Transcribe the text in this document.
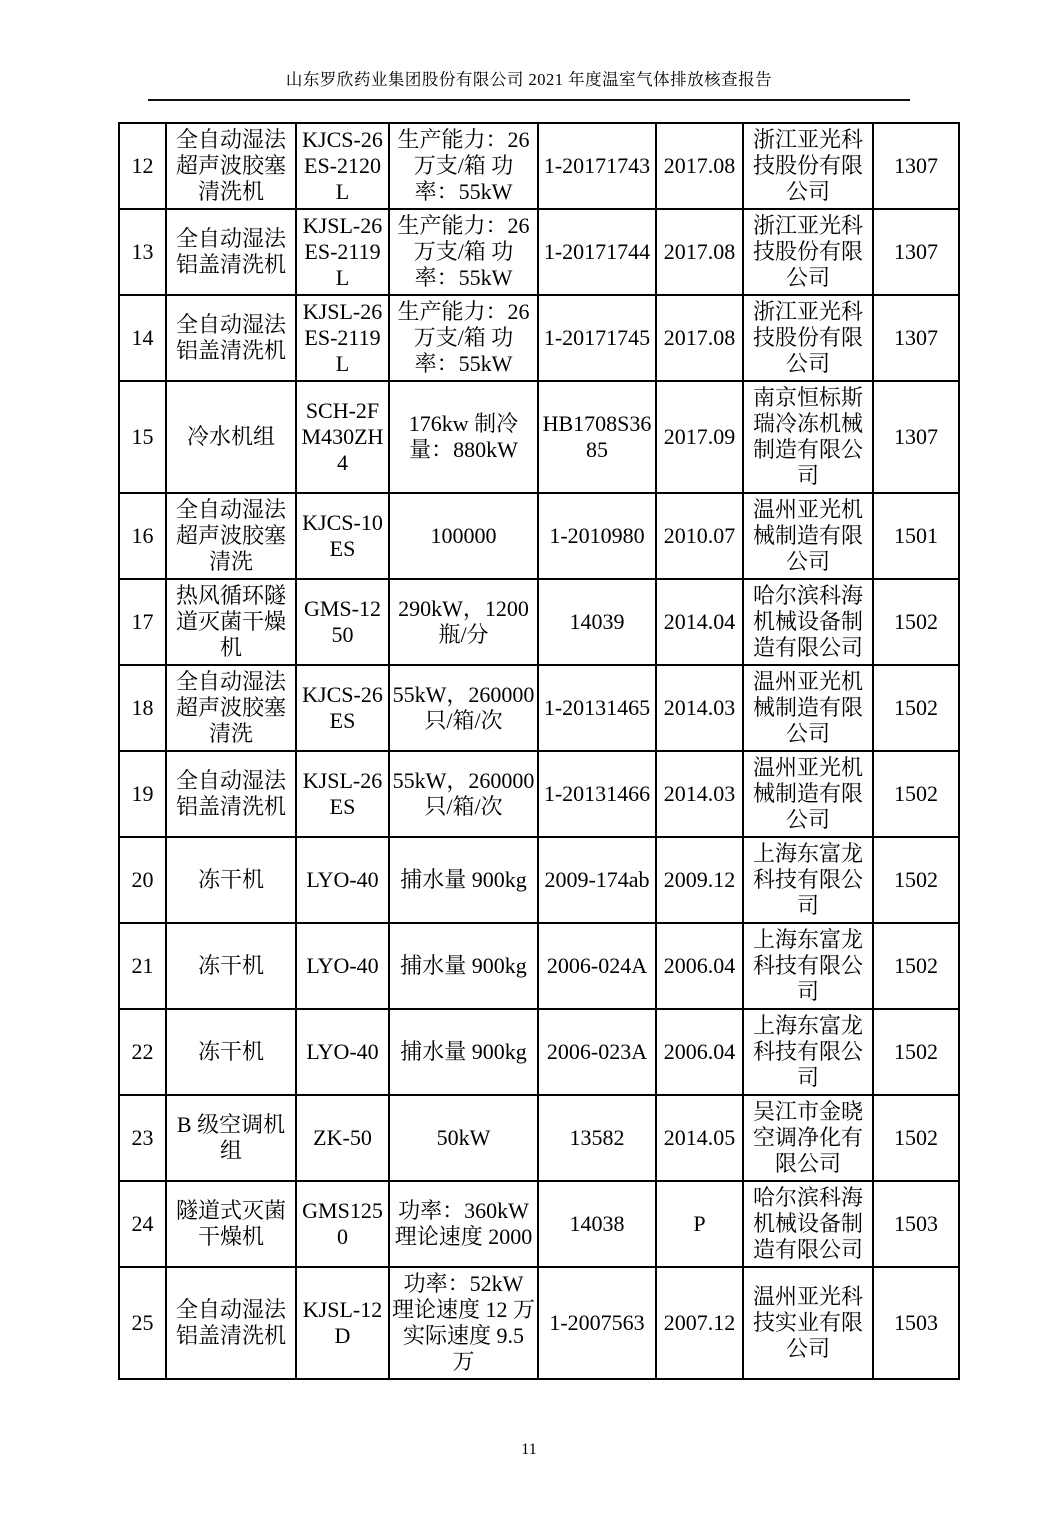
山东罗欣药业集团股份有限公司 2021 年度温室气体排放核查报告
12	全自动湿法超声波胶塞清洗机	KJCS-26ES-2120L	生产能力：26 万支/箱 功率：55kW	1-20171743	2017.08	浙江亚光科技股份有限公司	1307
13	全自动湿法铝盖清洗机	KJSL-26ES-2119L	生产能力：26 万支/箱 功率：55kW	1-20171744	2017.08	浙江亚光科技股份有限公司	1307
14	全自动湿法铝盖清洗机	KJSL-26ES-2119L	生产能力：26 万支/箱 功率：55kW	1-20171745	2017.08	浙江亚光科技股份有限公司	1307
15	冷水机组	SCH-2FM430ZH4	176kw 制冷量：880kW	HB1708S3685	2017.09	南京恒标斯瑞冷冻机械制造有限公司	1307
16	全自动湿法超声波胶塞清洗	KJCS-10ES	100000	1-2010980	2010.07	温州亚光机械制造有限公司	1501
17	热风循环隧道灭菌干燥机	GMS-1250	290kW，1200 瓶/分	14039	2014.04	哈尔滨科海机械设备制造有限公司	1502
18	全自动湿法超声波胶塞清洗	KJCS-26ES	55kW，260000 只/箱/次	1-20131465	2014.03	温州亚光机械制造有限公司	1502
19	全自动湿法铝盖清洗机	KJSL-26ES	55kW，260000 只/箱/次	1-20131466	2014.03	温州亚光机械制造有限公司	1502
20	冻干机	LYO-40	捕水量 900kg	2009-174ab	2009.12	上海东富龙科技有限公司	1502
21	冻干机	LYO-40	捕水量 900kg	2006-024A	2006.04	上海东富龙科技有限公司	1502
22	冻干机	LYO-40	捕水量 900kg	2006-023A	2006.04	上海东富龙科技有限公司	1502
23	B 级空调机组	ZK-50	50kW	13582	2014.05	吴江市金晓空调净化有限公司	1502
24	隧道式灭菌干燥机	GMS1250	功率：360kW 理论速度 2000	14038	P	哈尔滨科海机械设备制造有限公司	1503
25	全自动湿法铝盖清洗机	KJSL-12D	功率：52kW 理论速度 12 万 实际速度 9.5 万	1-2007563	2007.12	温州亚光科技实业有限公司	1503
11
